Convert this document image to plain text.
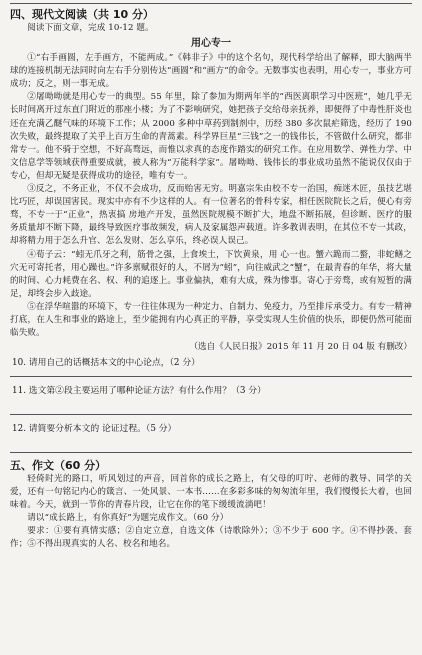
四、现代文阅读（共 10 分）

阅读下面文章，完成 10-12 题。

用心专一

①“右手画圆，左手画方，不能两成。”《韩非子》中的这个名句，现代科学给出了解释，即大脑两半球的连接机制无法同时向左右手分别传达“画圆”和“画方”的命令。无数事实也表明，用心专一，事业方可成功；反之，则一事无成。

②屠呦呦就是用心专一的典型。55 年里，除了参加为期两年半的“西医离职学习中医班”，她几乎无长时间离开过东直门附近的那座小楼；为了不影响研究，她把孩子交给母亲抚养，即便得了中毒性肝炎也还在充满乙醚气味的环境下工作；从 2000 多种中草药到制剂中，历经 380 多次鼠疟筛选，经历了 190 次失败，最终提取了关乎上百万生命的青蒿素。科学界巨星“三钱”之一的钱伟长，不管做什么研究，都非常专一。他不骑于空想，不好高骛远，而惟以求真的态度作踏实的研究工作。在应用数学、弹性力学、中文信息学等领域获得重要成就，被人称为“万能科学家”。屠呦呦、钱伟长的事业成功虽然不能说仅仅由于专心，但却无疑是获得成功的途径，唯有专一。

③反之，不务正业，不仅不会成功，反而贻害无穷。明嘉宗朱由校不专一治国，痴迷木匠，虽技艺堪比巧匠，却误国害民。现实中亦有不少这样的人。有一位著名的骨科专家，相任医院院长之后，便心有旁骛，不专一于“正业”，热衷搞 房地产开发，虽然医院规模不断扩大，地盘不断拓展，但诊断、医疗的服务质量却不断下降，最终导致医疗事故频发，病人及家属怨声载道。许多教训表明，在其位不专一其政，却将精力用于怎么升官、怎么发财、怎么享乐，终必误人误己。

④荀子云：“蚓无爪牙之利，筋骨之强，上食埃土，下饮黄泉，用 心一也。蟹六跪而二螯，非蛇鳝之穴无可寄托者，用心躁也。”许多禀赋很好的人，不屑为“蚓”，向往威武之“蟹”，在最青春的年华，将大量的时间、心力耗费在名、权、利的追逐上。事业偏执，难有大成，殊为惨事。寄心于旁骛，或有短暂的满足，却终会步入歧途。

⑤在浮华喧嚣的环境下，专一往往体现为一种定力、自制力、免疫力，乃至排斥承受力。有专一精神打底，在人生和事业的路途上，至少能拥有内心真正的平静，享受实现人生价值的快乐，即便仍然可能面临失败。

（选自《人民日报》2015 年 11 月 20 日 04 版 有删改）

10. 请用自己的话概括本文的中心论点，（2 分）

11. 选文第②段主要运用了哪种论证方法？有什么作用？（3 分）

12. 请简要分析本文的 论证过程。（5 分）

五、作文（60 分）

轻倚时光的路口，听风划过的声音，回首你的成长之路上，有父母的叮咛、老师的教导、同学的关爱，还有一句铭记内心的箴言、一处风景、一本书……在多彩多味的匆匆流年里，我们慢慢长大着，也回味着。今天，就到一节你的青春片段，让它在你的笔下缓缓流淌吧！

请以“成长路上，有你真好”为题完成作文。（60 分）

要求：①要有真情实感；②自定立意，自选文体（诗歌除外）；③不少于 600 字。④不得抄袭、套作；⑤不得出现真实的人名、校名和地名。
